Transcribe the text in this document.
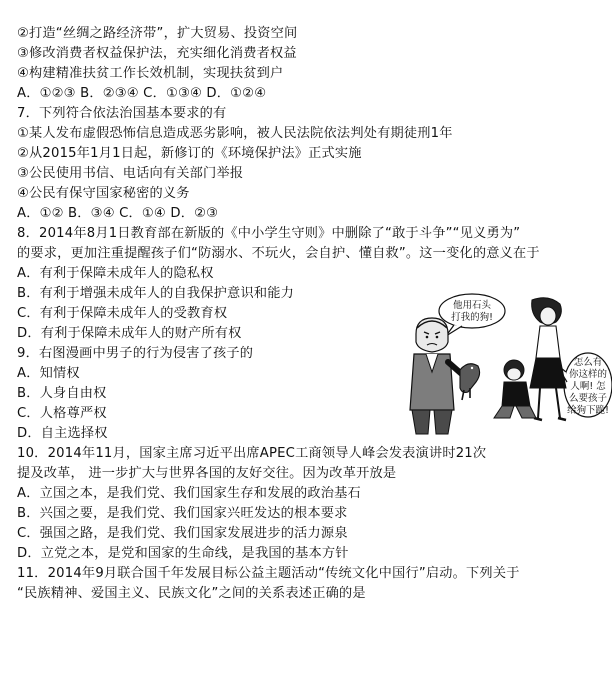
②打造“丝绸之路经济带”，扩大贸易、投资空间
③修改消费者权益保护法，充实细化消费者权益
④构建精准扶贫工作长效机制，实现扶贫到户
A．①②③ B．②③④ C．①③④ D．①②④
7．下列符合依法治国基本要求的有
①某人发布虚假恐怖信息造成恶劣影响，被人民法院依法判处有期徒刑1年
②从2015年1月1日起，新修订的《环境保护法》正式实施
③公民使用书信、电话向有关部门举报
④公民有保守国家秘密的义务
A．①② B．③④ C．①④ D．②③
8．2014年8月1日教育部在新版的《中小学生守则》中删除了“敢于斗争”“见义勇为”
的要求，更加注重提醒孩子们“防溺水、不玩火，会自护、懂自救”。这一变化的意义在于
A．有利于保障未成年人的隐私权
B．有利于增强未成年人的自我保护意识和能力
C．有利于保障未成年人的受教育权
D．有利于保障未成年人的财产所有权
9．右图漫画中男子的行为侵害了孩子的
A．知情权
B．人身自由权
C．人格尊严权
D．自主选择权
10．2014年11月，国家主席习近平出席APEC工商领导人峰会发表演讲时21次
提及改革， 进一步扩大与世界各国的友好交往。因为改革开放是
A．立国之本，是我们党、我们国家生存和发展的政治基石
B．兴国之要，是我们党、我们国家兴旺发达的根本要求
C．强国之路，是我们党、我们国家发展进步的活力源泉
D．立党之本，是党和国家的生命线，是我国的基本方针
11．2014年9月联合国千年发展目标公益主题活动“传统文化中国行”启动。下列关于
“民族精神、爱国主义、民族文化”之间的关系表述正确的是
他用石头
打我的狗!
怎么有
你这样的
人啊! 怎
么要孩子
给狗下跪!
